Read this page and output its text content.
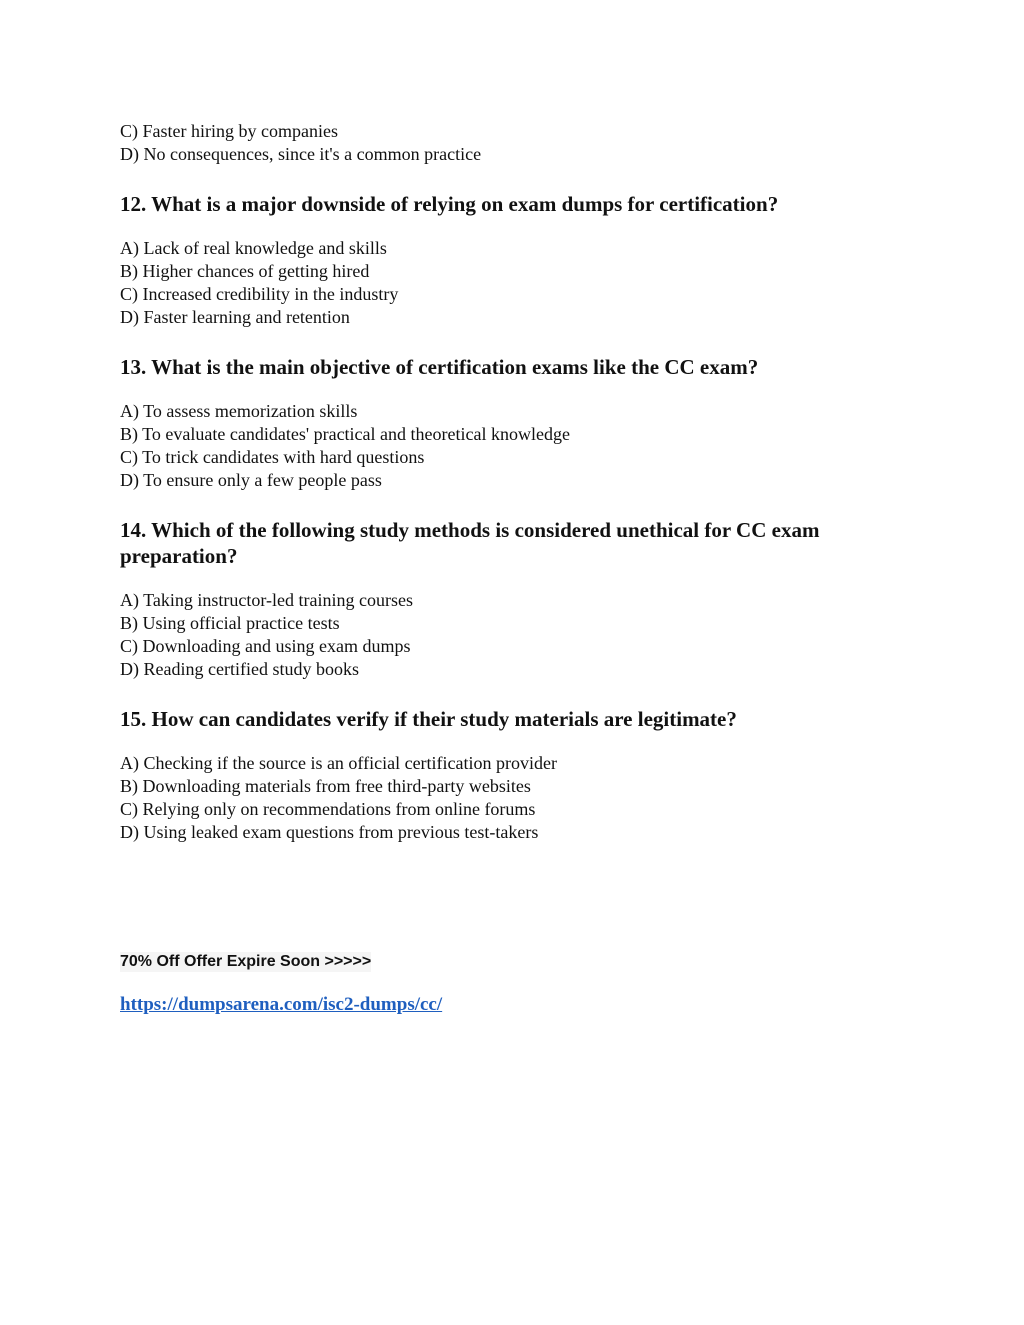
C) Faster hiring by companies

D) No consequences, since it's a common practice

12. What is a major downside of relying on exam dumps for certification?

A) Lack of real knowledge and skills

B) Higher chances of getting hired

C) Increased credibility in the industry

D) Faster learning and retention

13. What is the main objective of certification exams like the CC exam?

A) To assess memorization skills

B) To evaluate candidates' practical and theoretical knowledge

C) To trick candidates with hard questions

D) To ensure only a few people pass

14. Which of the following study methods is considered unethical for CC exam
preparation?

A) Taking instructor-led training courses

B) Using official practice tests

C) Downloading and using exam dumps

D) Reading certified study books

15. How can candidates verify if their study materials are legitimate?

A) Checking if the source is an official certification provider

B) Downloading materials from free third-party websites

C) Relying only on recommendations from online forums

D) Using leaked exam questions from previous test-takers

70% Off Offer Expire Soon >>>>>
https://dumpsarena.com/isc2-dumps/cc/
